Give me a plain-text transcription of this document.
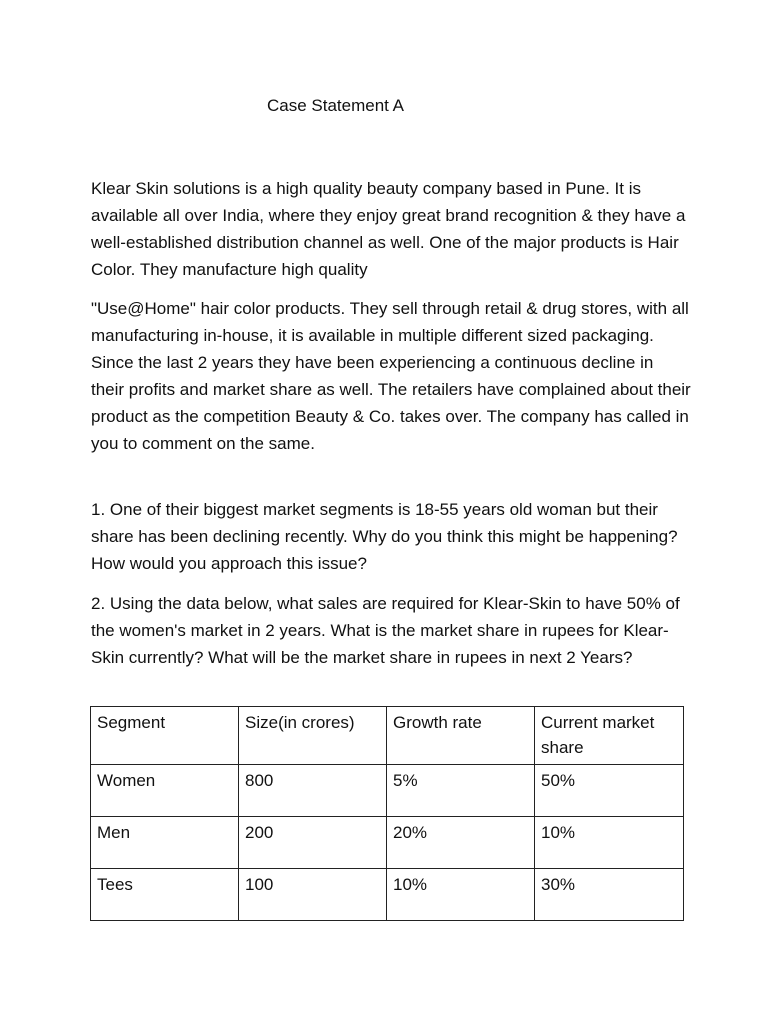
Case Statement A

Klear Skin solutions is a high quality beauty company based in Pune. It is available all over India, where they enjoy great brand recognition & they have a well-established distribution channel as well. One of the major products is Hair Color. They manufacture high quality

"Use@Home" hair color products. They sell through retail & drug stores, with all manufacturing in-house, it is available in multiple different sized packaging. Since the last 2 years they have been experiencing a continuous decline in their profits and market share as well. The retailers have complained about their product as the competition Beauty & Co. takes over. The company has called in you to comment on the same.

1. One of their biggest market segments is 18-55 years old woman but their share has been declining recently. Why do you think this might be happening? How would you approach this issue?

2. Using the data below, what sales are required for Klear-Skin to have 50% of the women's market in 2 years. What is the market share in rupees for Klear-Skin currently? What will be the market share in rupees in next 2 Years?

Segment	Size(in crores)	Growth rate	Current market share
Women	800	5%	50%
Men	200	20%	10%
Tees	100	10%	30%
